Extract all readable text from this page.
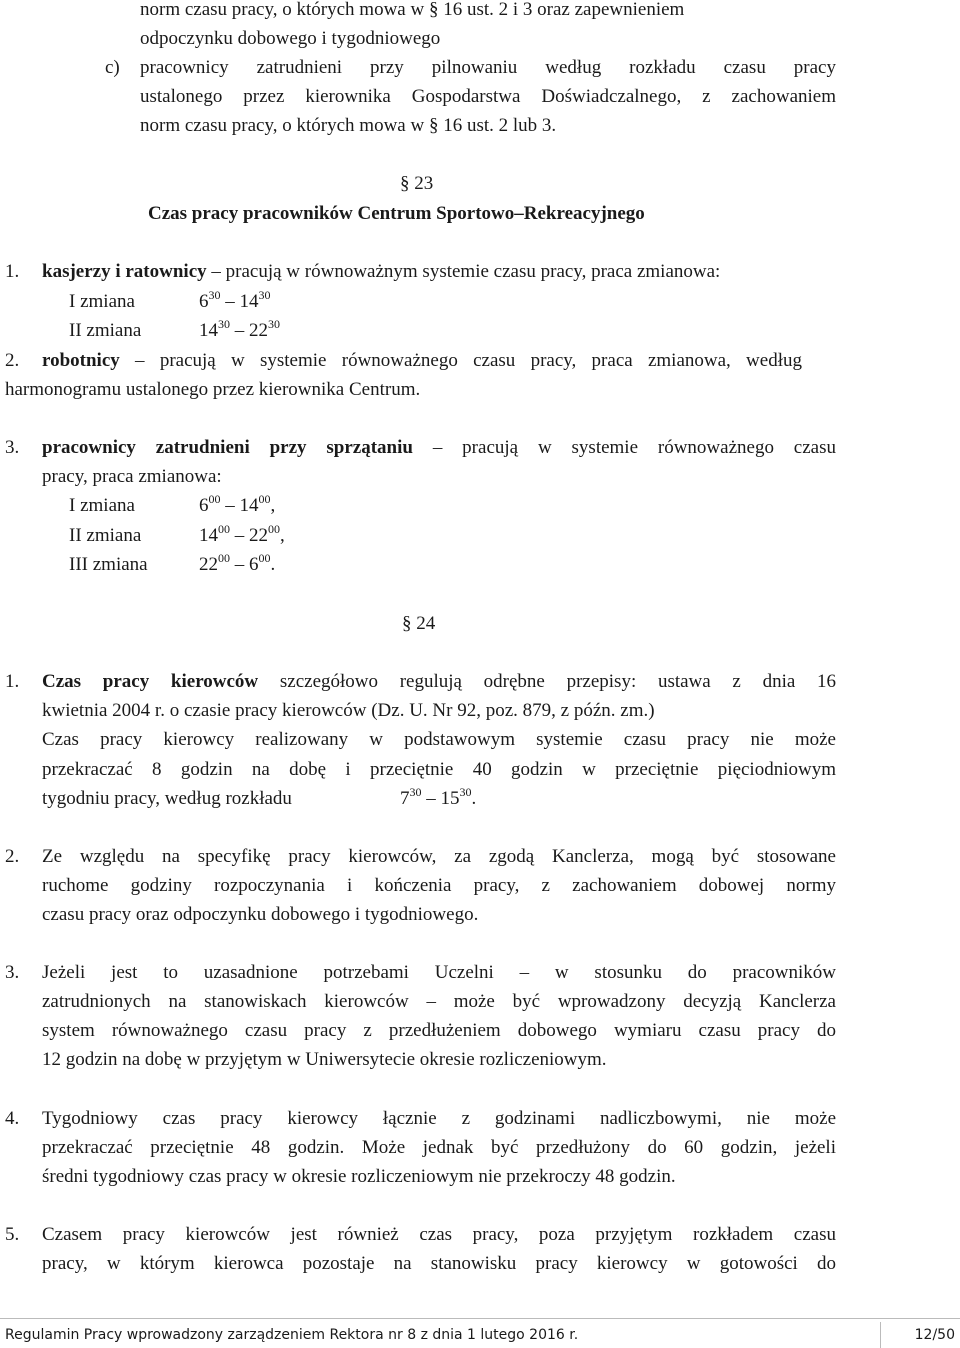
norm czasu pracy, o których mowa w § 16 ust. 2 i 3 oraz zapewnieniem
odpoczynku dobowego i tygodniowego
c) pracownicy zatrudnieni przy pilnowaniu według rozkładu czasu pracy
ustalonego przez kierownika Gospodarstwa Doświadczalnego, z zachowaniem
norm czasu pracy, o których mowa w § 16 ust. 2 lub 3.
§ 23
Czas pracy pracowników Centrum Sportowo–Rekreacyjnego
1. kasjerzy i ratownicy – pracują w równoważnym systemie czasu pracy, praca zmianowa:
I zmiana	$6^{30} - 14^{30}$
II zmiana	$14^{30} - 22^{30}$
2. robotnicy – pracują w systemie równoważnego czasu pracy, praca zmianowa, według
harmonogramu ustalonego przez kierownika Centrum.
3. pracownicy zatrudnieni przy sprzątaniu – pracują w systemie równoważnego czasu
pracy, praca zmianowa:
I zmiana	$6^{00} - 14^{00}$,
II zmiana	$14^{00} - 22^{00}$,
III zmiana	$22^{00} - 6^{00}$.
§ 24
1. Czas pracy kierowców szczegółowo regulują odrębne przepisy: ustawa z dnia 16
kwietnia 2004 r. o czasie pracy kierowców (Dz. U. Nr 92, poz. 879, z późn. zm.)
Czas pracy kierowcy realizowany w podstawowym systemie czasu pracy nie może
przekraczać 8 godzin na dobę i przeciętnie 40 godzin w przeciętnie pięciodniowym
tygodniu pracy, według rozkładu	$7^{30} - 15^{30}$.
2. Ze względu na specyfikę pracy kierowców, za zgodą Kanclerza, mogą być stosowane
ruchome godziny rozpoczynania i kończenia pracy, z zachowaniem dobowej normy
czasu pracy oraz odpoczynku dobowego i tygodniowego.
3. Jeżeli jest to uzasadnione potrzebami Uczelni – w stosunku do pracowników
zatrudnionych na stanowiskach kierowców – może być wprowadzony decyzją Kanclerza
system równoważnego czasu pracy z przedłużeniem dobowego wymiaru czasu pracy do
12 godzin na dobę w przyjętym w Uniwersytecie okresie rozliczeniowym.
4. Tygodniowy czas pracy kierowcy łącznie z godzinami nadliczbowymi, nie może
przekraczać przeciętnie 48 godzin. Może jednak być przedłużony do 60 godzin, jeżeli
średni tygodniowy czas pracy w okresie rozliczeniowym nie przekroczy 48 godzin.
5. Czasem pracy kierowców jest również czas pracy, poza przyjętym rozkładem czasu
pracy, w którym kierowca pozostaje na stanowisku pracy kierowcy w gotowości do
Regulamin Pracy wprowadzony zarządzeniem Rektora nr 8 z dnia 1 lutego 2016 r.	12/50
